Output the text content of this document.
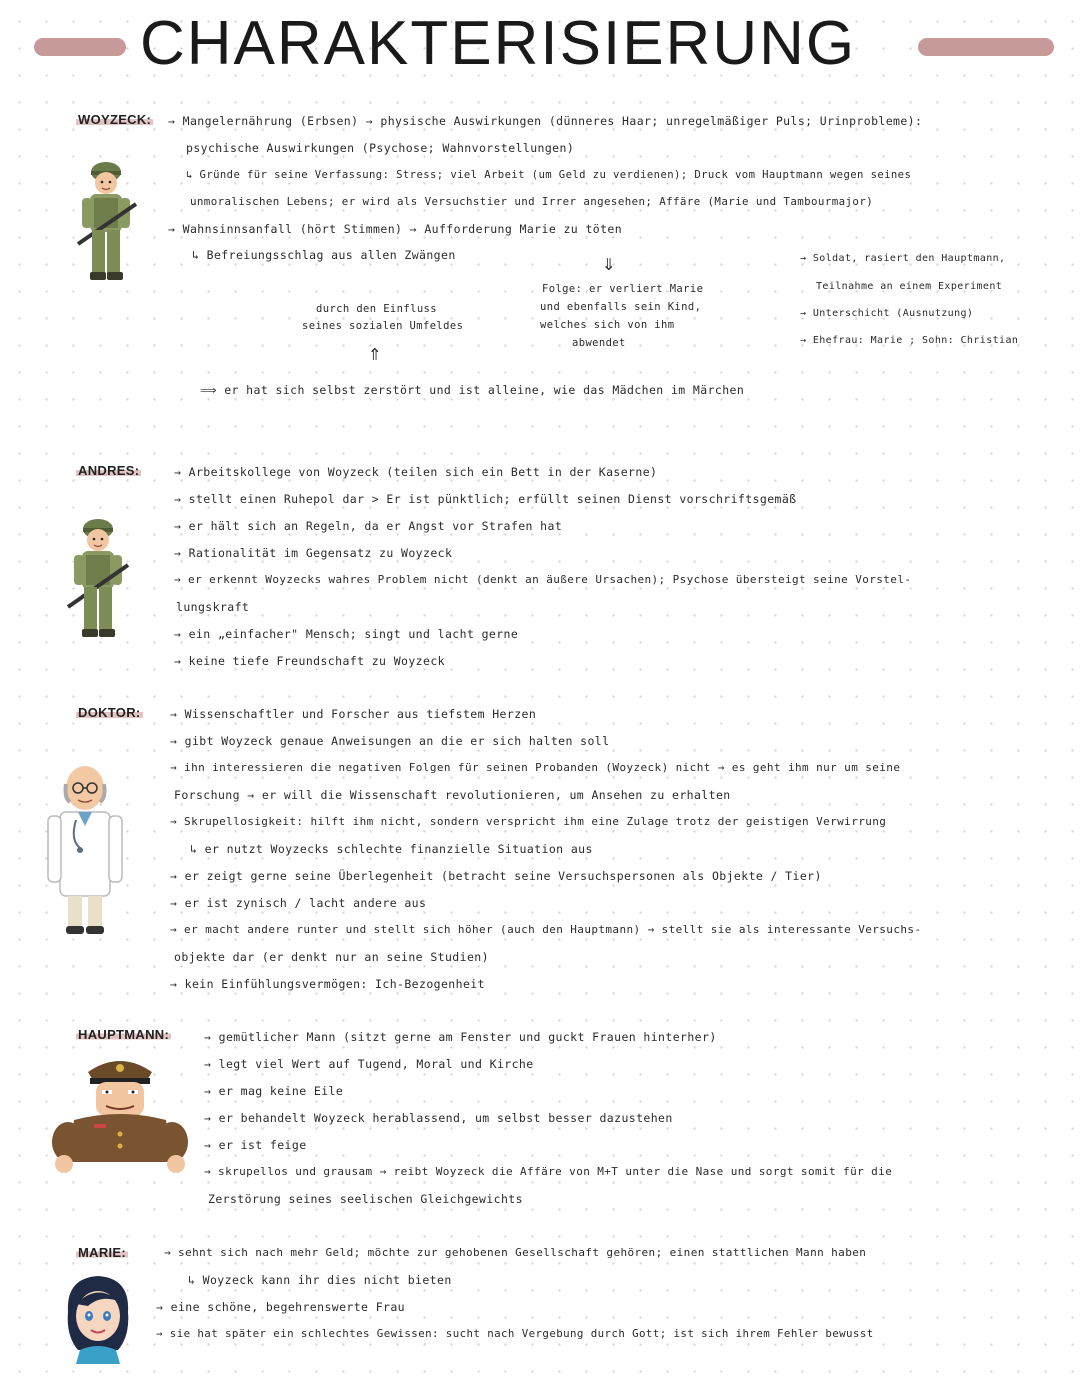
CHARAKTERISIERUNG
WOYZECK: → Mangelernährung (Erbsen) → physische Auswirkungen (dünneres Haar; unregelmäßiger Puls; Urinprobleme):
psychische Auswirkungen (Psychose; Wahnvorstellungen)
↳ Gründe für seine Verfassung: Stress; viel Arbeit (um Geld zu verdienen); Druck vom Hauptmann wegen seines
unmoralischen Lebens; er wird als Versuchstier und Irrer angesehen; Affäre (Marie und Tambourmajor)
→ Wahnsinnsanfall (hört Stimmen) → Aufforderung Marie zu töten
↳ Befreiungsschlag aus allen Zwängen	⇓
Folge: er verliert Marie
und ebenfalls sein Kind,
welches sich von ihm
abwendet
durch den Einfluss
seines sozialen Umfeldes
⇑
→ Soldat, rasiert den Hauptmann,
Teilnahme an einem Experiment
→ Unterschicht (Ausnutzung)
→ Ehefrau: Marie ; Sohn: Christian
⟹ er hat sich selbst zerstört und ist alleine, wie das Mädchen im Märchen
ANDRES:	→ Arbeitskollege von Woyzeck (teilen sich ein Bett in der Kaserne)
→ stellt einen Ruhepol dar > Er ist pünktlich; erfüllt seinen Dienst vorschriftsgemäß
→ er hält sich an Regeln, da er Angst vor Strafen hat
→ Rationalität im Gegensatz zu Woyzeck
→ er erkennt Woyzecks wahres Problem nicht (denkt an äußere Ursachen); Psychose übersteigt seine Vorstel-
lungskraft
→ ein „einfacher" Mensch; singt und lacht gerne
→ keine tiefe Freundschaft zu Woyzeck
DOKTOR:	→ Wissenschaftler und Forscher aus tiefstem Herzen
→ gibt Woyzeck genaue Anweisungen an die er sich halten soll
→ ihn interessieren die negativen Folgen für seinen Probanden (Woyzeck) nicht → es geht ihm nur um seine
Forschung → er will die Wissenschaft revolutionieren, um Ansehen zu erhalten
→ Skrupellosigkeit: hilft ihm nicht, sondern verspricht ihm eine Zulage trotz der geistigen Verwirrung
↳ er nutzt Woyzecks schlechte finanzielle Situation aus
→ er zeigt gerne seine Überlegenheit (betracht seine Versuchspersonen als Objekte / Tier)
→ er ist zynisch / lacht andere aus
→ er macht andere runter und stellt sich höher (auch den Hauptmann) → stellt sie als interessante Versuchs-
objekte dar (er denkt nur an seine Studien)
→ kein Einfühlungsvermögen: Ich-Bezogenheit
HAUPTMANN:	→ gemütlicher Mann (sitzt gerne am Fenster und guckt Frauen hinterher)
→ legt viel Wert auf Tugend, Moral und Kirche
→ er mag keine Eile
→ er behandelt Woyzeck herablassend, um selbst besser dazustehen
→ er ist feige
→ skrupellos und grausam → reibt Woyzeck die Affäre von M+T unter die Nase und sorgt somit für die
Zerstörung seines seelischen Gleichgewichts
MARIE:	→ sehnt sich nach mehr Geld; möchte zur gehobenen Gesellschaft gehören; einen stattlichen Mann haben
↳ Woyzeck kann ihr dies nicht bieten
→ eine schöne, begehrenswerte Frau
→ sie hat später ein schlechtes Gewissen: sucht nach Vergebung durch Gott; ist sich ihrem Fehler bewusst
